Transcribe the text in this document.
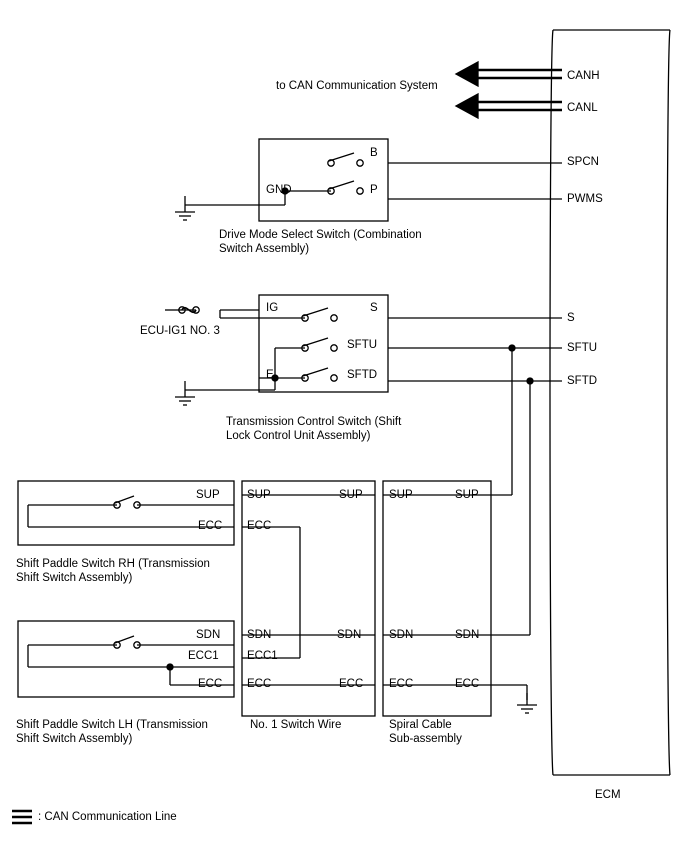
CANH
CANL
SPCN
PWMS
S
SFTU
SFTD
ECM
to CAN Communication System
B
GND	P
Drive Mode Select Switch (Combination
Switch Assembly)
ECU-IG1 NO. 3
IG	S
SFTU
E	SFTD
Transmission Control Switch (Shift
Lock Control Unit Assembly)
SUP
ECC
Shift Paddle Switch RH (Transmission
Shift Switch Assembly)
SDN
ECC1
ECC
Shift Paddle Switch LH (Transmission
Shift Switch Assembly)
SUP	SUP
ECC
SDN	SDN
ECC1
ECC	ECC
No. 1 Switch Wire
SUP	SUP
SDN	SDN
ECC	ECC
Spiral Cable
Sub-assembly
: CAN Communication Line
